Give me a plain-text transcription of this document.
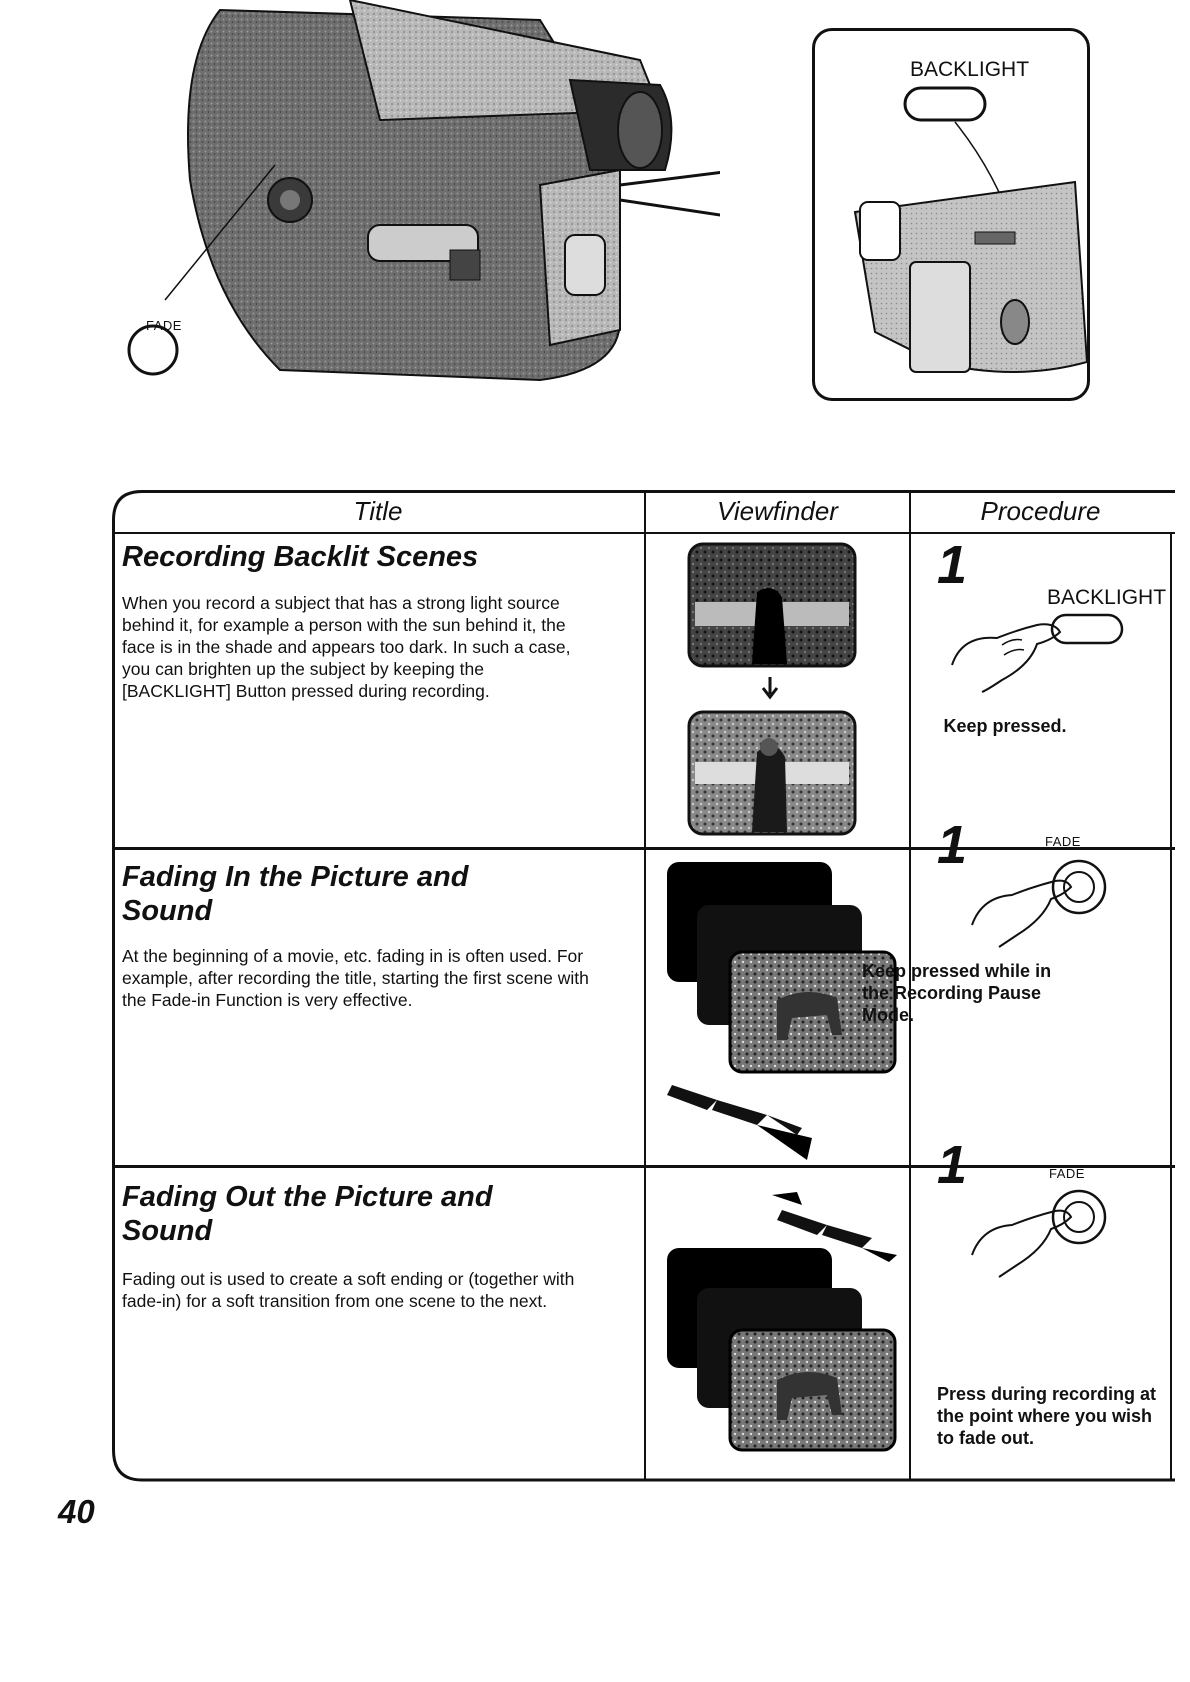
FADE
BACKLIGHT
Title	Viewfinder	Procedure
Recording Backlit Scenes
When you record a subject that has a strong light source behind it, for example a person with the sun behind it, the face is in the shade and appears too dark. In such a case, you can brighten up the subject by keeping the [BACKLIGHT] Button pressed during recording.
1
BACKLIGHT
Keep pressed.
Fading In the Picture and Sound
At the beginning of a movie, etc. fading in is often used. For example, after recording the title, starting the first scene with the Fade-in Function is very effective.
1	FADE
Keep pressed while in the Recording Pause Mode.
Fading Out the Picture and Sound
Fading out is used to create a soft ending or (together with fade-in) for a soft transition from one scene to the next.
1	FADE
Press during recording at the point where you wish to fade out.
40
